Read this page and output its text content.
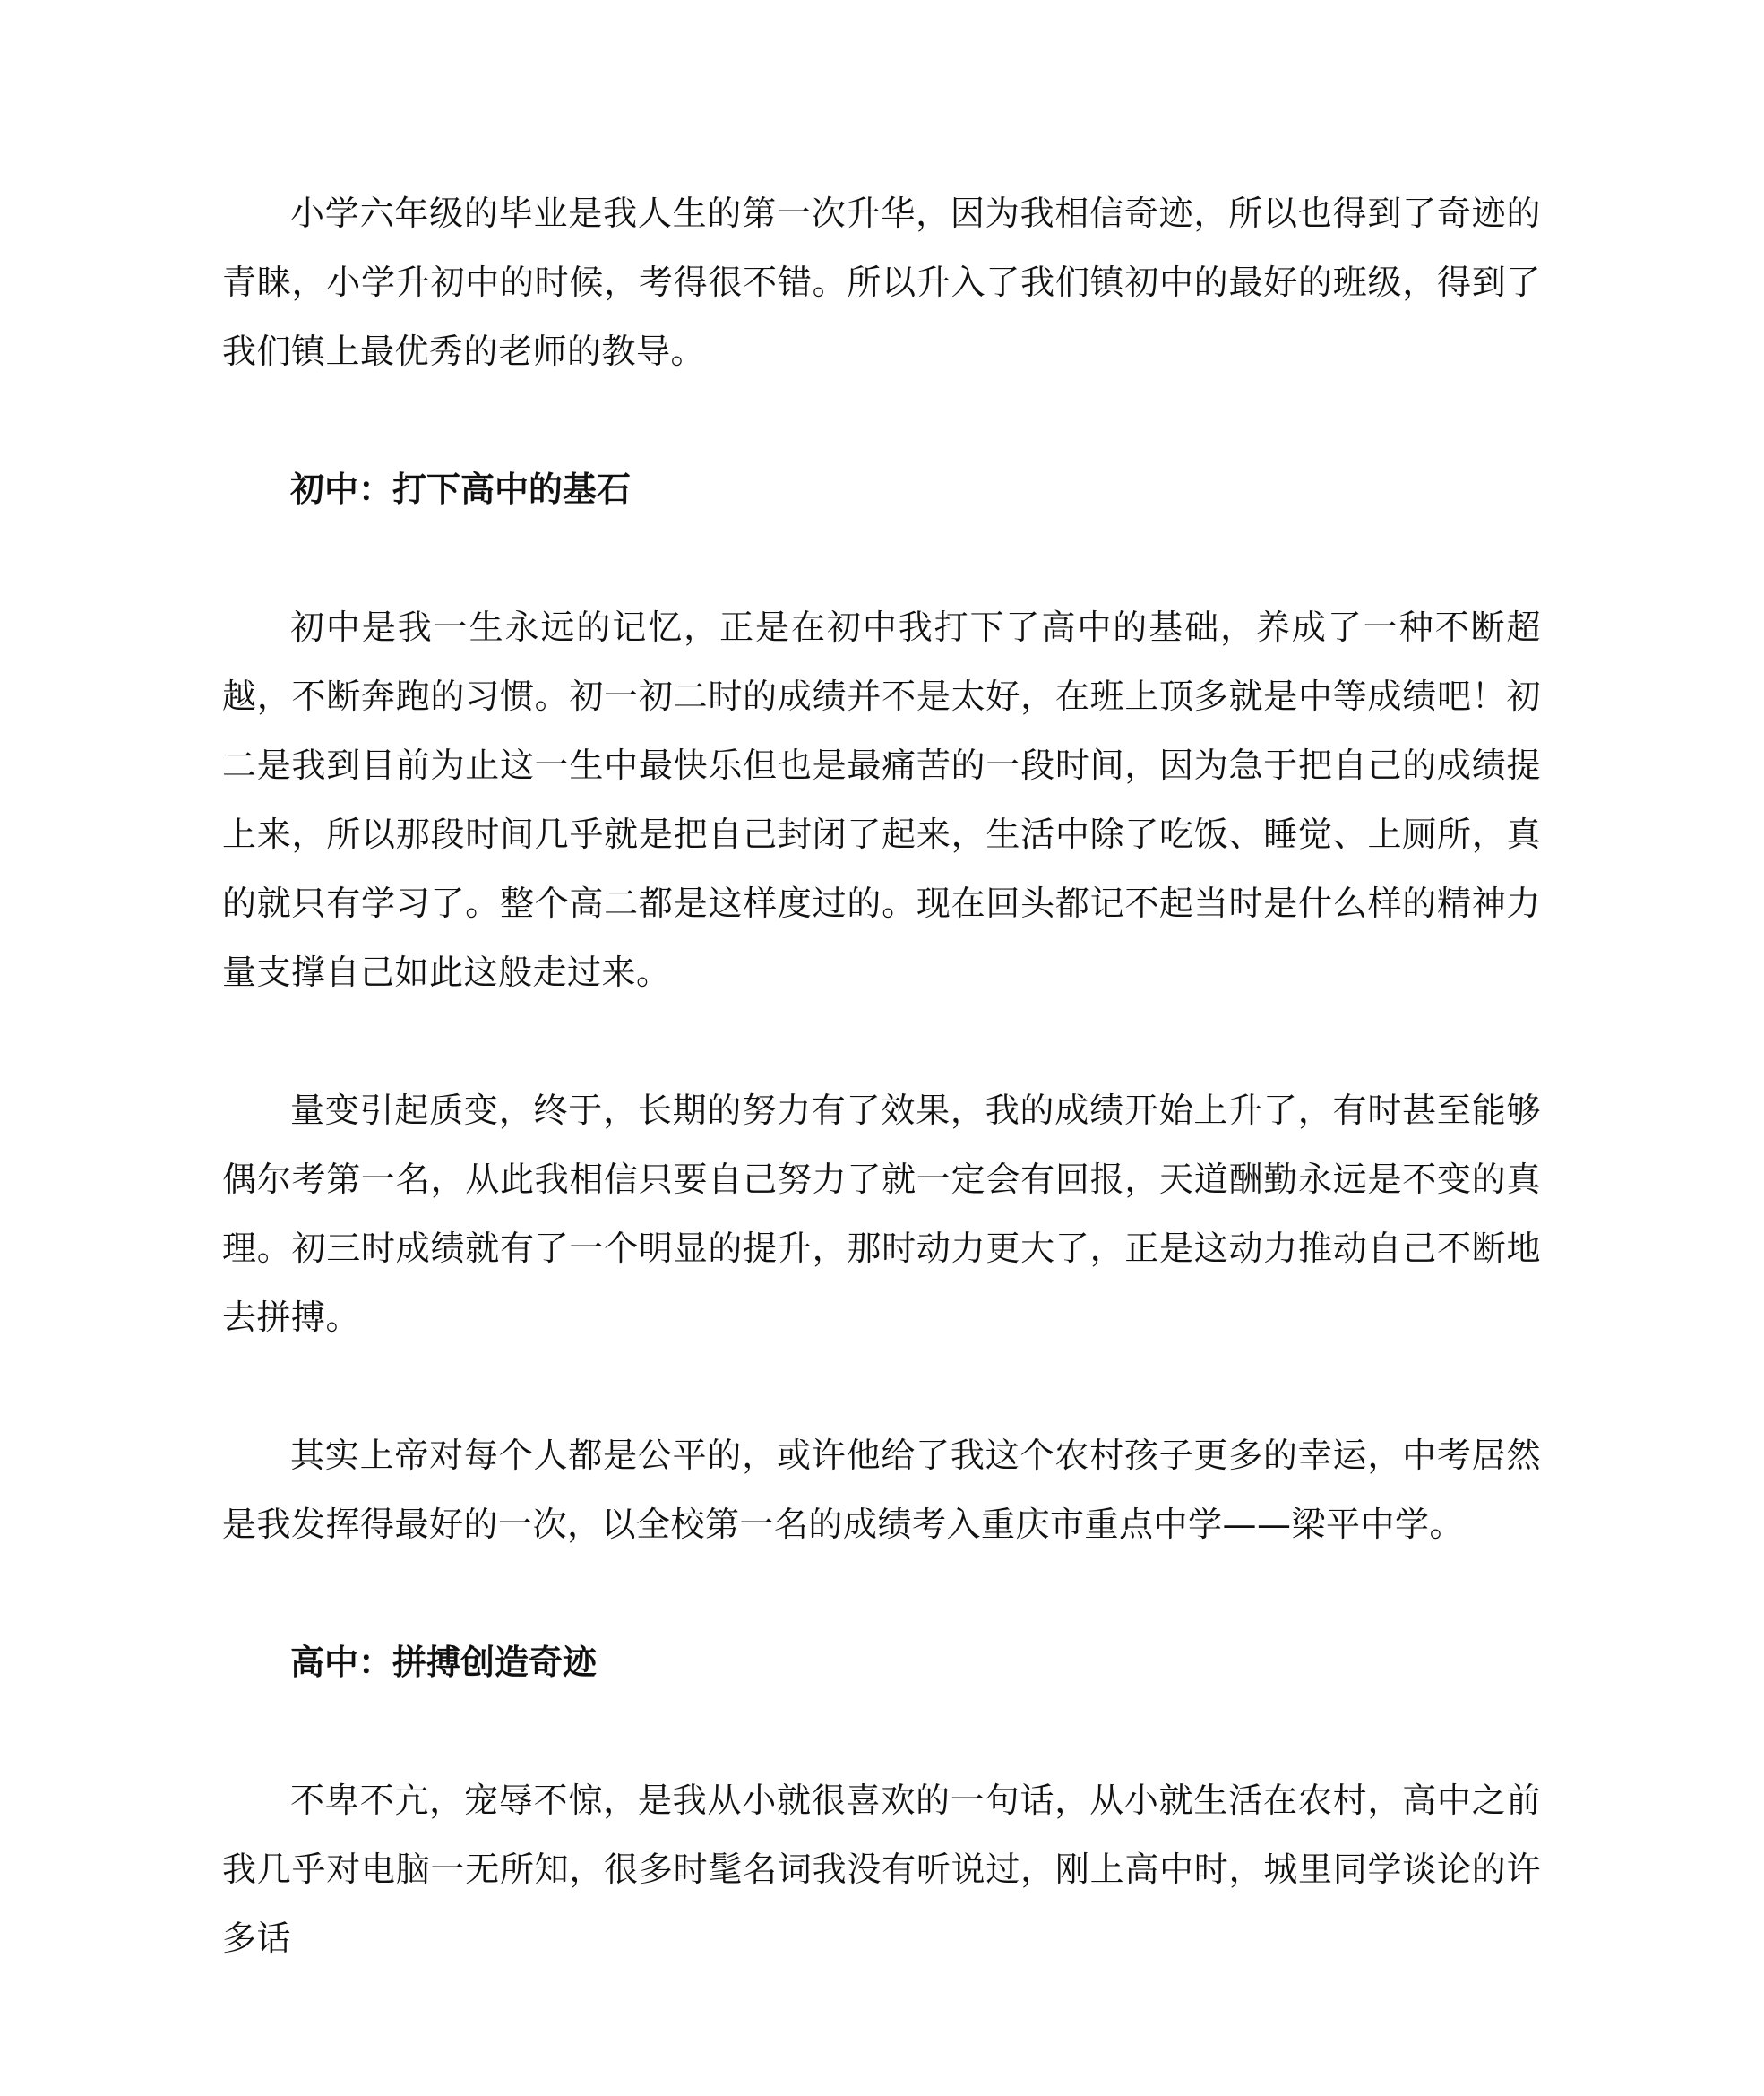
小学六年级的毕业是我人生的第一次升华，因为我相信奇迹，所以也得到了奇迹的青睐，小学升初中的时候，考得很不错。所以升入了我们镇初中的最好的班级，得到了我们镇上最优秀的老师的教导。

初中：打下高中的基石

初中是我一生永远的记忆，正是在初中我打下了高中的基础，养成了一种不断超越，不断奔跑的习惯。初一初二时的成绩并不是太好，在班上顶多就是中等成绩吧！初二是我到目前为止这一生中最快乐但也是最痛苦的一段时间，因为急于把自己的成绩提上来，所以那段时间几乎就是把自己封闭了起来，生活中除了吃饭、睡觉、上厕所，真的就只有学习了。整个高二都是这样度过的。现在回头都记不起当时是什么样的精神力量支撑自己如此这般走过来。

量变引起质变，终于，长期的努力有了效果，我的成绩开始上升了，有时甚至能够偶尔考第一名，从此我相信只要自己努力了就一定会有回报，天道酬勤永远是不变的真理。初三时成绩就有了一个明显的提升，那时动力更大了，正是这动力推动自己不断地去拼搏。

其实上帝对每个人都是公平的，或许他给了我这个农村孩子更多的幸运，中考居然是我发挥得最好的一次，以全校第一名的成绩考入重庆市重点中学——梁平中学。

高中：拼搏创造奇迹

不卑不亢，宠辱不惊，是我从小就很喜欢的一句话，从小就生活在农村，高中之前我几乎对电脑一无所知，很多时髦名词我没有听说过，刚上高中时，城里同学谈论的许多话
